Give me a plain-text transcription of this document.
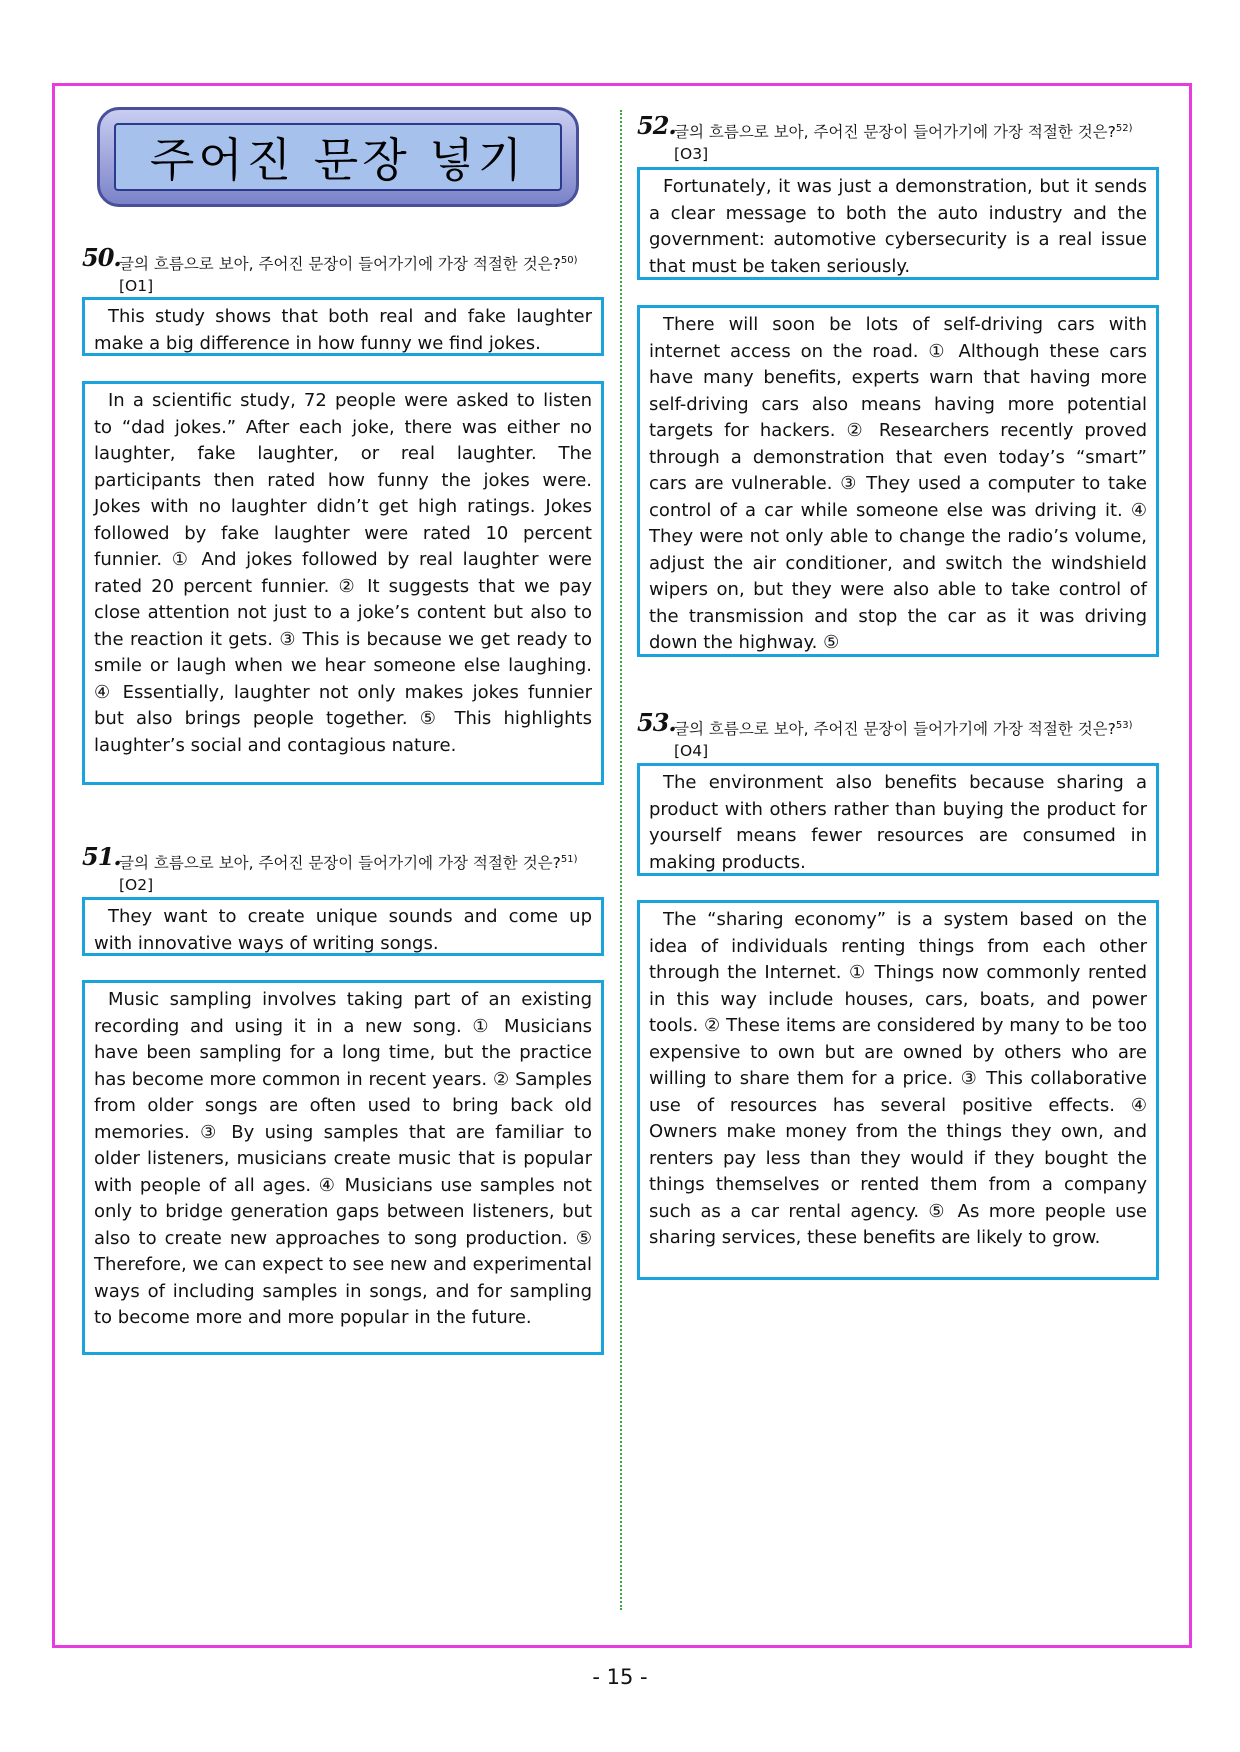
주어진 문장 넣기
50.
글의 흐름으로 보아, 주어진 문장이 들어가기에 가장 적절한 것은?$^{50)}$[O1]
This study shows that both real and fake laughter make a big difference in how funny we find jokes.
In a scientific study, 72 people were asked to listen to “dad jokes.” After each joke, there was either no laughter, fake laughter, or real laughter. The participants then rated how funny the jokes were. Jokes with no laughter didn’t get high ratings. Jokes followed by fake laughter were rated 10 percent funnier. ① And jokes followed by real laughter were rated 20 percent funnier. ② It suggests that we pay close attention not just to a joke’s content but also to the reaction it gets. ③ This is because we get ready to smile or laugh when we hear someone else laughing. ④ Essentially, laughter not only makes jokes funnier but also brings people together. ⑤ This highlights laughter’s social and contagious nature.
51.
글의 흐름으로 보아, 주어진 문장이 들어가기에 가장 적절한 것은?$^{51)}$
[O2]
They want to create unique sounds and come up with innovative ways of writing songs.
Music sampling involves taking part of an existing recording and using it in a new song. ① Musicians have been sampling for a long time, but the practice has become more common in recent years. ② Samples from older songs are often used to bring back old memories. ③ By using samples that are familiar to older listeners, musicians create music that is popular with people of all ages. ④ Musicians use samples not only to bridge generation gaps between listeners, but also to create new approaches to song production. ⑤ Therefore, we can expect to see new and experimental ways of including samples in songs, and for sampling to become more and more popular in the future.
52.
글의 흐름으로 보아, 주어진 문장이 들어가기에 가장 적절한 것은?$^{52)}$
[O3]
Fortunately, it was just a demonstration, but it sends a clear message to both the auto industry and the government: automotive cybersecurity is a real issue that must be taken seriously.
There will soon be lots of self-driving cars with internet access on the road. ① Although these cars have many benefits, experts warn that having more self-driving cars also means having more potential targets for hackers. ② Researchers recently proved through a demonstration that even today’s “smart” cars are vulnerable. ③ They used a computer to take control of a car while someone else was driving it. ④ They were not only able to change the radio’s volume, adjust the air conditioner, and switch the windshield wipers on, but they were also able to take control of the transmission and stop the car as it was driving down the highway. ⑤
53.
글의 흐름으로 보아, 주어진 문장이 들어가기에 가장 적절한 것은?$^{53)}$
[O4]
The environment also benefits because sharing a product with others rather than buying the product for yourself means fewer resources are consumed in making products.
The “sharing economy” is a system based on the idea of individuals renting things from each other through the Internet. ① Things now commonly rented in this way include houses, cars, boats, and power tools. ② These items are considered by many to be too expensive to own but are owned by others who are willing to share them for a price. ③ This collaborative use of resources has several positive effects. ④ Owners make money from the things they own, and renters pay less than they would if they bought the things themselves or rented them from a company such as a car rental agency. ⑤ As more people use sharing services, these benefits are likely to grow.
- 15 -
